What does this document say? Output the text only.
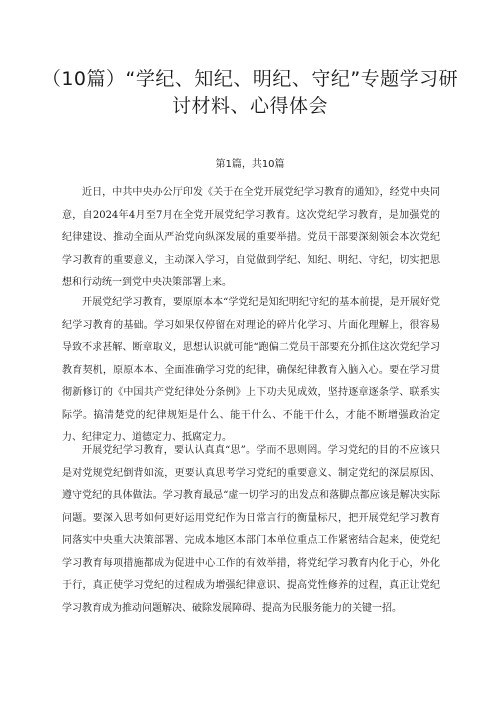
（10篇）“学纪、知纪、明纪、守纪”专题学习研讨材料、心得体会
第1篇，共10篇

近日，中共中央办公厅印发《关于在全党开展党纪学习教育的通知》，经党中央同意，自2024年4月至7月在全党开展党纪学习教育。这次党纪学习教育，是加强党的纪律建设、推动全面从严治党向纵深发展的重要举措。党员干部要深刻领会本次党纪学习教育的重要意义，主动深入学习，自觉做到学纪、知纪、明纪、守纪，切实把思想和行动统一到党中央决策部署上来。

开展党纪学习教育，要原原本本“学党纪是知纪明纪守纪的基本前提，是开展好党纪学习教育的基础。学习如果仅停留在对理论的碎片化学习、片面化理解上，很容易导致不求甚解、断章取义，思想认识就可能“跑偏二党员干部要充分抓住这次党纪学习教育契机，原原本本、全面准确学习党的纪律，确保纪律教育入脑入心。要在学习贯彻新修订的《中国共产党纪律处分条例》上下功夫见成效，坚持逐章逐条学、联系实际学。搞清楚党的纪律规矩是什么、能干什么、不能干什么，才能不断增强政治定力、纪律定力、道德定力、抵腐定力。

开展党纪学习教育，要认认真真“思”。学而不思则罔。学习党纪的目的不应该只是对党规党纪倒背如流，更要认真思考学习党纪的重要意义、制定党纪的深层原因、遵守党纪的具体做法。学习教育最忌“虚一切学习的出发点和落脚点都应该是解决实际问题。要深入思考如何更好运用党纪作为日常言行的衡量标尺，把开展党纪学习教育同落实中央重大决策部署、完成本地区本部门本单位重点工作紧密结合起来，使党纪学习教育每项措施都成为促进中心工作的有效举措，将党纪学习教育内化于心，外化于行，真正使学习党纪的过程成为增强纪律意识、提高党性修养的过程，真正让党纪学习教育成为推动问题解决、破除发展障碍、提高为民服务能力的关键一招。
